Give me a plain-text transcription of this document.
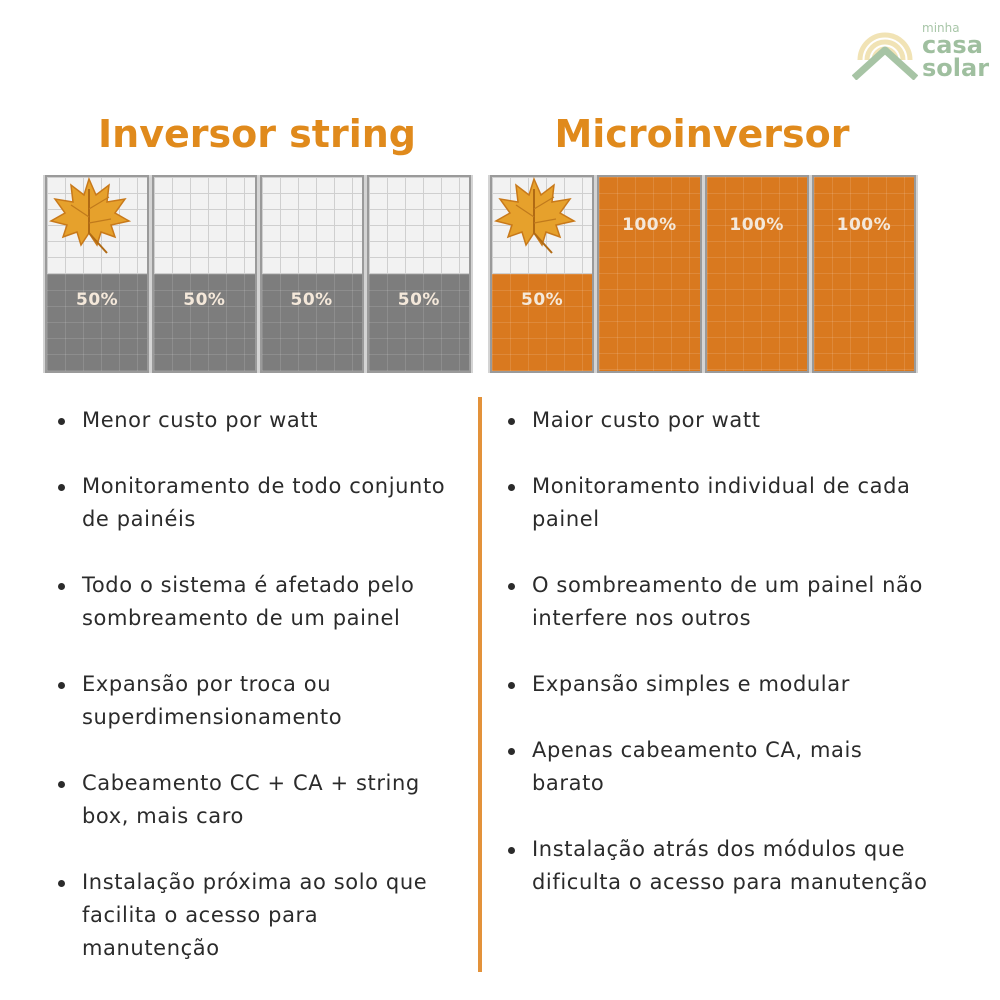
minha
casa
solar
Inversor string	Microinversor
50%	50%	50%	50%	50%
100%	100%	100%
Menor custo por watt
Monitoramento de todo conjunto de painéis
Todo o sistema é afetado pelo sombreamento de um painel
Expansão por troca ou superdimensionamento
Cabeamento CC + CA + string box, mais caro
Instalação próxima ao solo que facilita o acesso para manutenção
Maior custo por watt
Monitoramento individual de cada painel
O sombreamento de um painel não interfere nos outros
Expansão simples e modular
Apenas cabeamento CA, mais barato
Instalação atrás dos módulos que dificulta o acesso para manutenção
